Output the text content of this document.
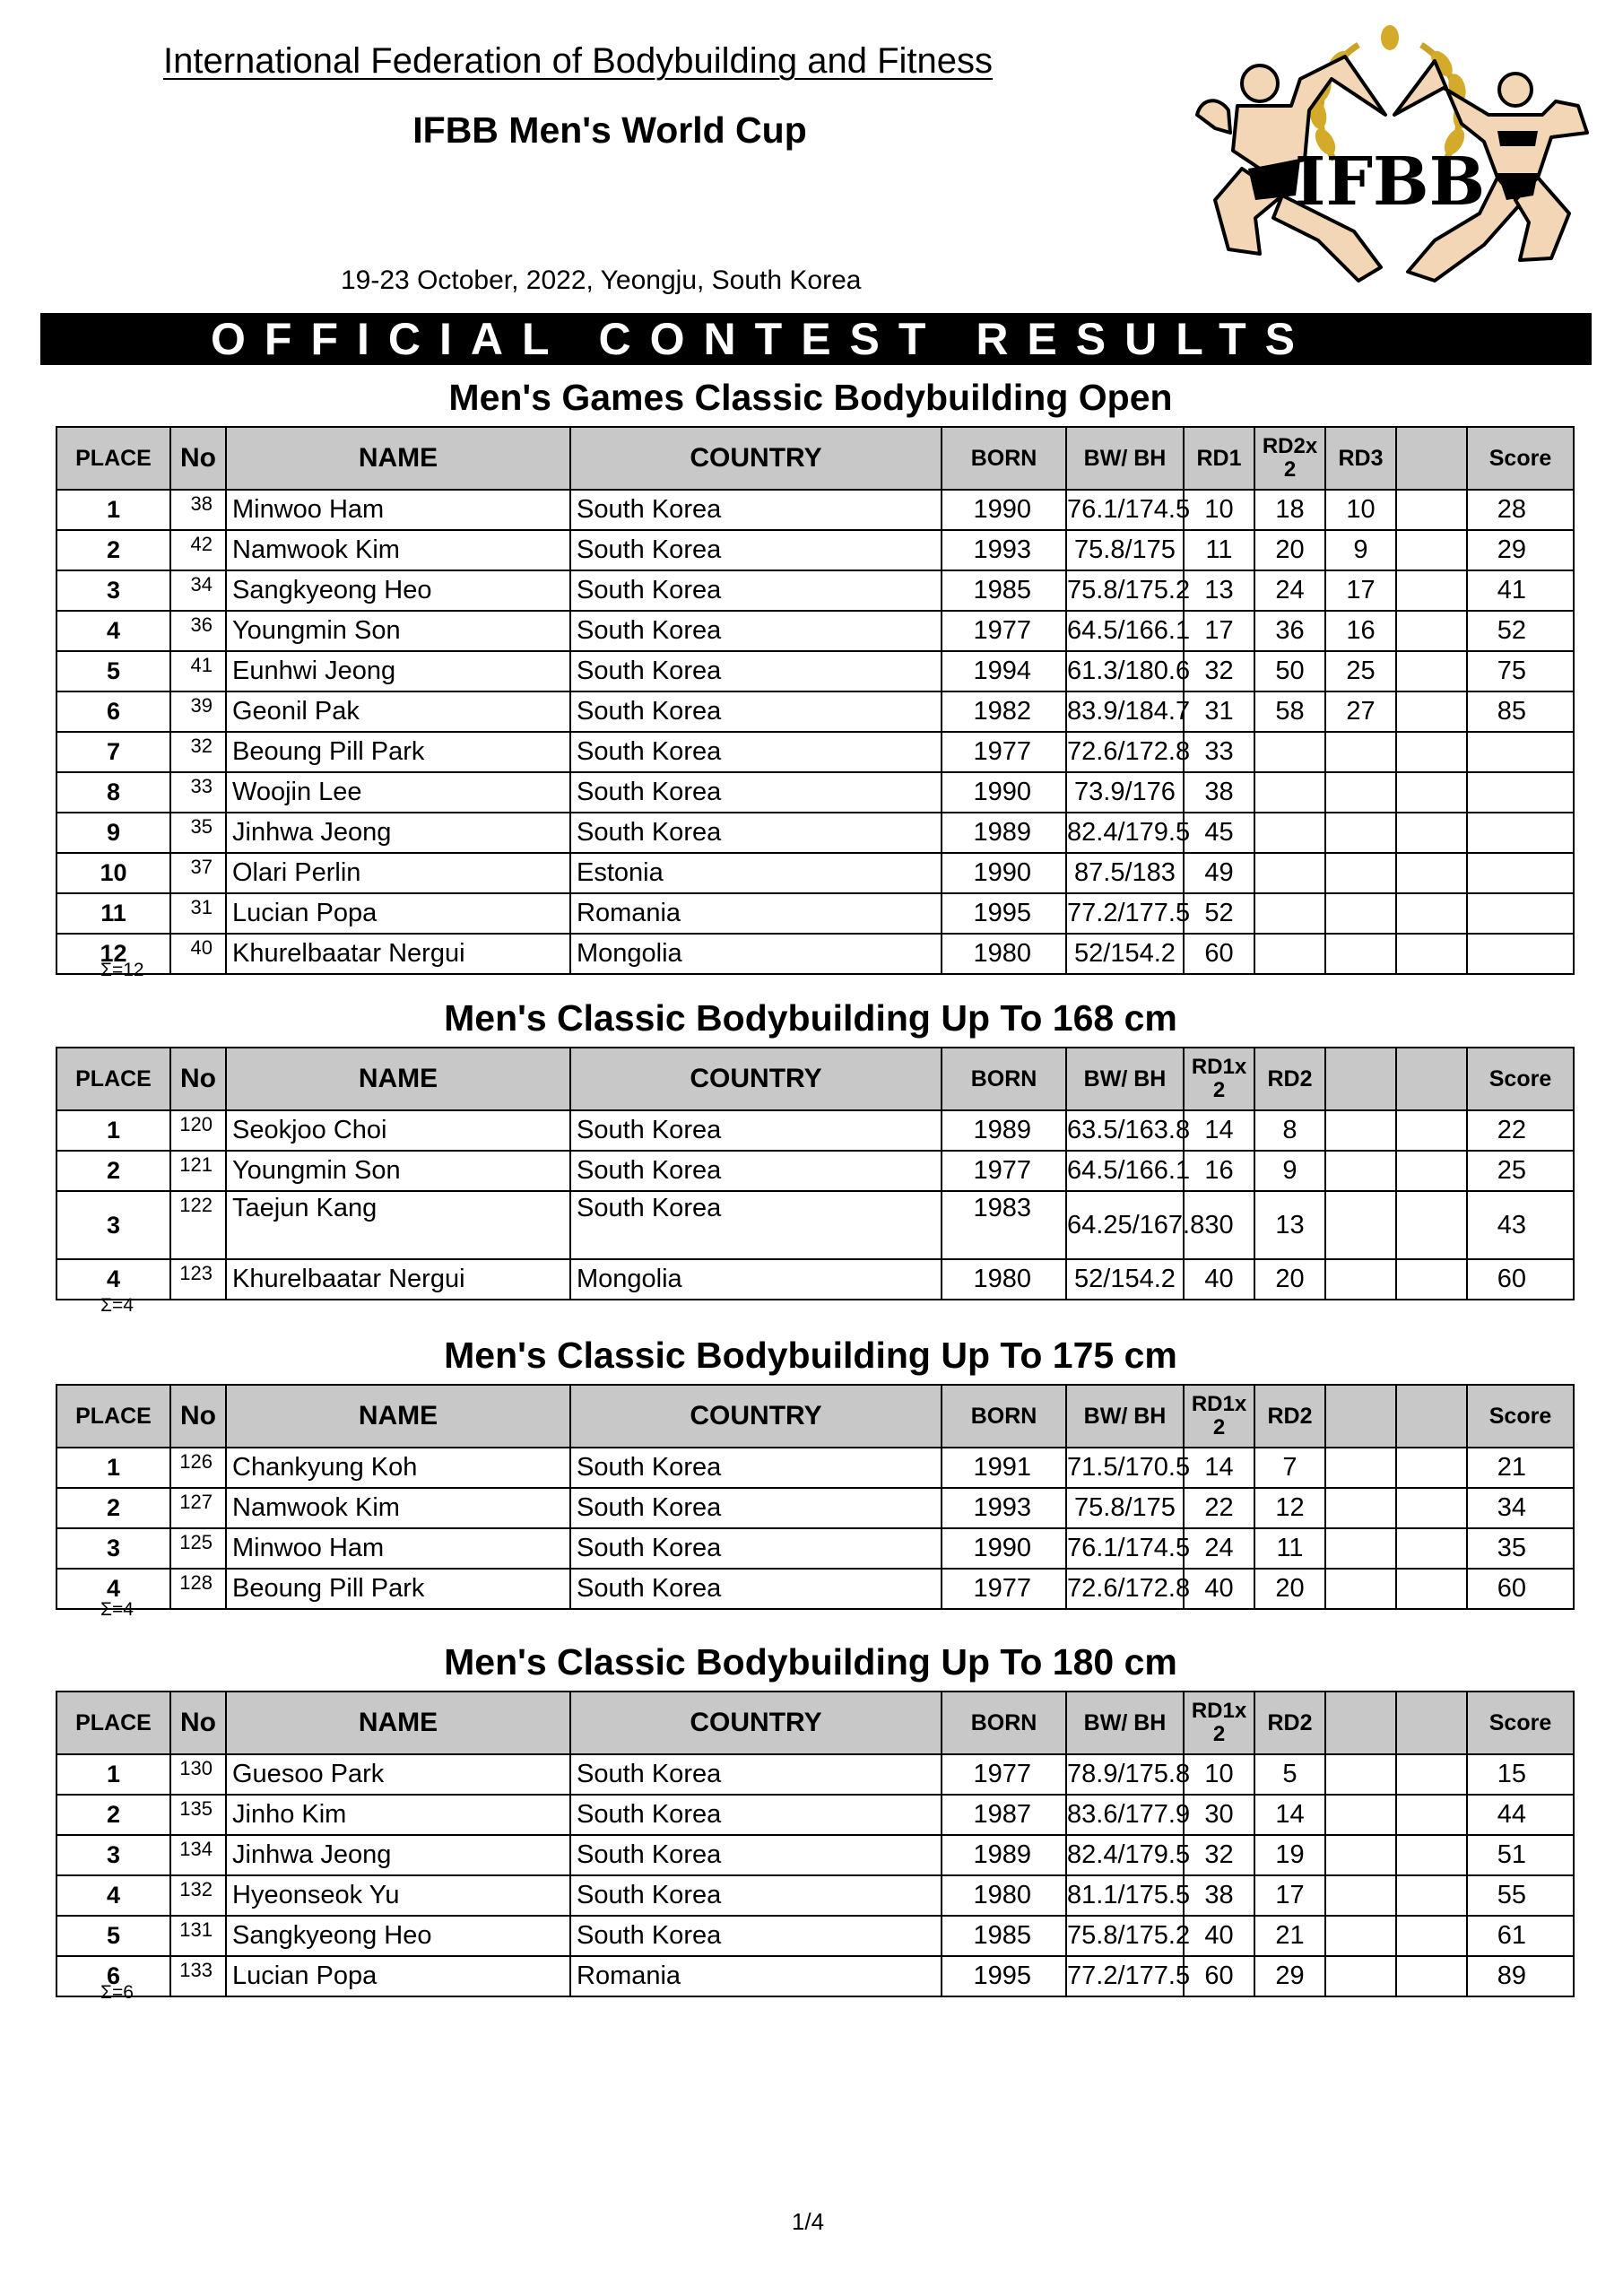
International Federation of Bodybuilding and Fitness
IFBB Men's World Cup
19-23 October, 2022, Yeongju, South Korea
IFBB
OFFICIAL CONTEST RESULTS
Men's Games Classic Bodybuilding Open
PLACE	No	NAME	COUNTRY	BORN	BW/ BH	RD1	RD2x 2	RD3		Score
1	38	Minwoo Ham	South Korea	1990	76.1/174.5	10	18	10		28
2	42	Namwook Kim	South Korea	1993	75.8/175	11	20	9		29
3	34	Sangkyeong Heo	South Korea	1985	75.8/175.2	13	24	17		41
4	36	Youngmin Son	South Korea	1977	64.5/166.1	17	36	16		52
5	41	Eunhwi Jeong	South Korea	1994	61.3/180.6	32	50	25		75
6	39	Geonil Pak	South Korea	1982	83.9/184.7	31	58	27		85
7	32	Beoung Pill Park	South Korea	1977	72.6/172.8	33				
8	33	Woojin Lee	South Korea	1990	73.9/176	38				
9	35	Jinhwa Jeong	South Korea	1989	82.4/179.5	45				
10	37	Olari Perlin	Estonia	1990	87.5/183	49				
11	31	Lucian Popa	Romania	1995	77.2/177.5	52				
12	40	Khurelbaatar Nergui	Mongolia	1980	52/154.2	60				
Σ=12
Men's Classic Bodybuilding Up To 168 cm
PLACE	No	NAME	COUNTRY	BORN	BW/ BH	RD1x 2	RD2			Score
1	120	Seokjoo Choi	South Korea	1989	63.5/163.8	14	8			22
2	121	Youngmin Son	South Korea	1977	64.5/166.1	16	9			25
3	122	Taejun Kang	South Korea	1983	64.25/167.8	30	13			43
4	123	Khurelbaatar Nergui	Mongolia	1980	52/154.2	40	20			60
Σ=4
Men's Classic Bodybuilding Up To 175 cm
PLACE	No	NAME	COUNTRY	BORN	BW/ BH	RD1x 2	RD2			Score
1	126	Chankyung Koh	South Korea	1991	71.5/170.5	14	7			21
2	127	Namwook Kim	South Korea	1993	75.8/175	22	12			34
3	125	Minwoo Ham	South Korea	1990	76.1/174.5	24	11			35
4	128	Beoung Pill Park	South Korea	1977	72.6/172.8	40	20			60
Σ=4
Men's Classic Bodybuilding Up To 180 cm
PLACE	No	NAME	COUNTRY	BORN	BW/ BH	RD1x 2	RD2			Score
1	130	Guesoo Park	South Korea	1977	78.9/175.8	10	5			15
2	135	Jinho Kim	South Korea	1987	83.6/177.9	30	14			44
3	134	Jinhwa Jeong	South Korea	1989	82.4/179.5	32	19			51
4	132	Hyeonseok Yu	South Korea	1980	81.1/175.5	38	17			55
5	131	Sangkyeong Heo	South Korea	1985	75.8/175.2	40	21			61
6	133	Lucian Popa	Romania	1995	77.2/177.5	60	29			89
Σ=6
1/4
